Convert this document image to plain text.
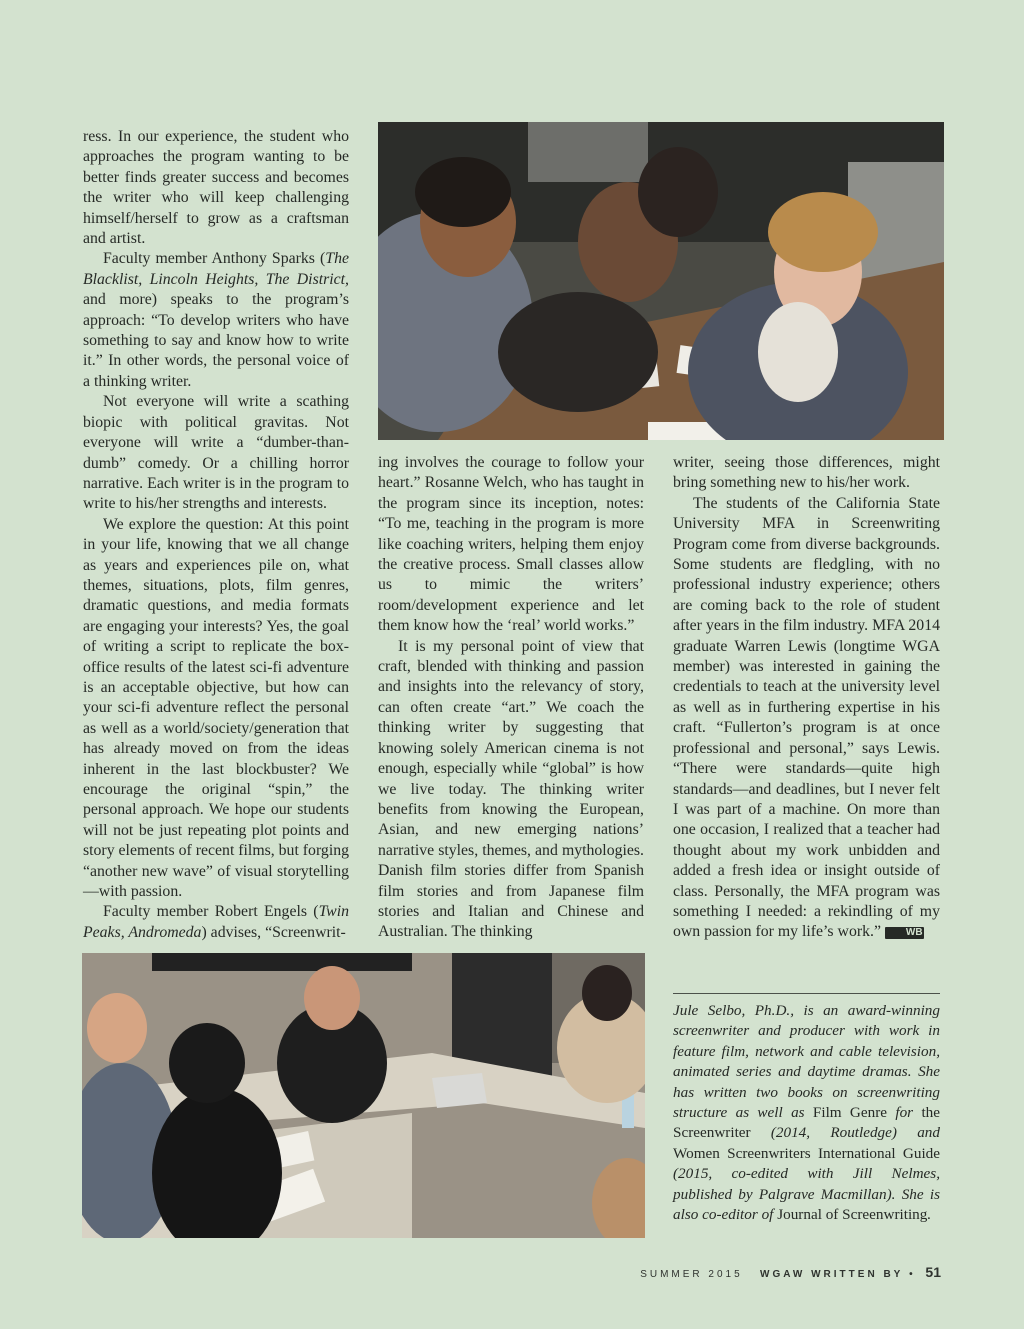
ress. In our experience, the student who approaches the program wanting to be better finds greater success and becomes the writer who will keep challenging himself/herself to grow as a craftsman and artist.

Faculty member Anthony Sparks (The Blacklist, Lincoln Heights, The District, and more) speaks to the program’s approach: “To develop writers who have something to say and know how to write it.” In other words, the personal voice of a thinking writer.

Not everyone will write a scathing biopic with political gravitas. Not everyone will write a “dumber-than-dumb” comedy. Or a chilling horror narrative. Each writer is in the program to write to his/her strengths and interests.

We explore the question: At this point in your life, knowing that we all change as years and experiences pile on, what themes, situations, plots, film genres, dramatic questions, and media formats are engaging your interests? Yes, the goal of writing a script to replicate the box-office results of the latest sci-fi adventure is an acceptable objective, but how can your sci-fi adventure reflect the personal as well as a world/society/generation that has already moved on from the ideas inherent in the last blockbuster? We encourage the original “spin,” the personal approach. We hope our students will not be just repeating plot points and story elements of recent films, but forging “another new wave” of visual storytelling—with passion.

Faculty member Robert Engels (Twin Peaks, Andromeda) advises, “Screenwrit-

ing involves the courage to follow your heart.” Rosanne Welch, who has taught in the program since its inception, notes: “To me, teaching in the program is more like coaching writers, helping them enjoy the creative process. Small classes allow us to mimic the writers’ room/development experience and let them know how the ‘real’ world works.”

It is my personal point of view that craft, blended with thinking and passion and insights into the relevancy of story, can often create “art.” We coach the thinking writer by suggesting that knowing solely American cinema is not enough, especially while “global” is how we live today. The thinking writer benefits from knowing the European, Asian, and new emerging nations’ narrative styles, themes, and mythologies. Danish film stories differ from Spanish film stories and from Japanese film stories and Italian and Chinese and Australian. The thinking

writer, seeing those differences, might bring something new to his/her work.

The students of the California State University MFA in Screenwriting Program come from diverse backgrounds. Some students are fledgling, with no professional industry experience; others are coming back to the role of student after years in the film industry. MFA 2014 graduate Warren Lewis (longtime WGA member) was interested in gaining the credentials to teach at the university level as well as in furthering expertise in his craft. “Fullerton’s program is at once professional and personal,” says Lewis. “There were standards—quite high standards—and deadlines, but I never felt I was part of a machine. On more than one occasion, I realized that a teacher had thought about my work unbidden and added a fresh idea or insight outside of class. Personally, the MFA program was something I needed: a rekindling of my own passion for my life’s work.” WB

Jule Selbo, Ph.D., is an award-winning screenwriter and producer with work in feature film, network and cable television, animated series and daytime dramas. She has written two books on screenwriting structure as well as Film Genre for the Screenwriter (2014, Routledge) and Women Screenwriters International Guide (2015, co-edited with Jill Nelmes, published by Palgrave Macmillan). She is also co-editor of Journal of Screenwriting.

SUMMER 2015 WGAW WRITTEN BY • 51
